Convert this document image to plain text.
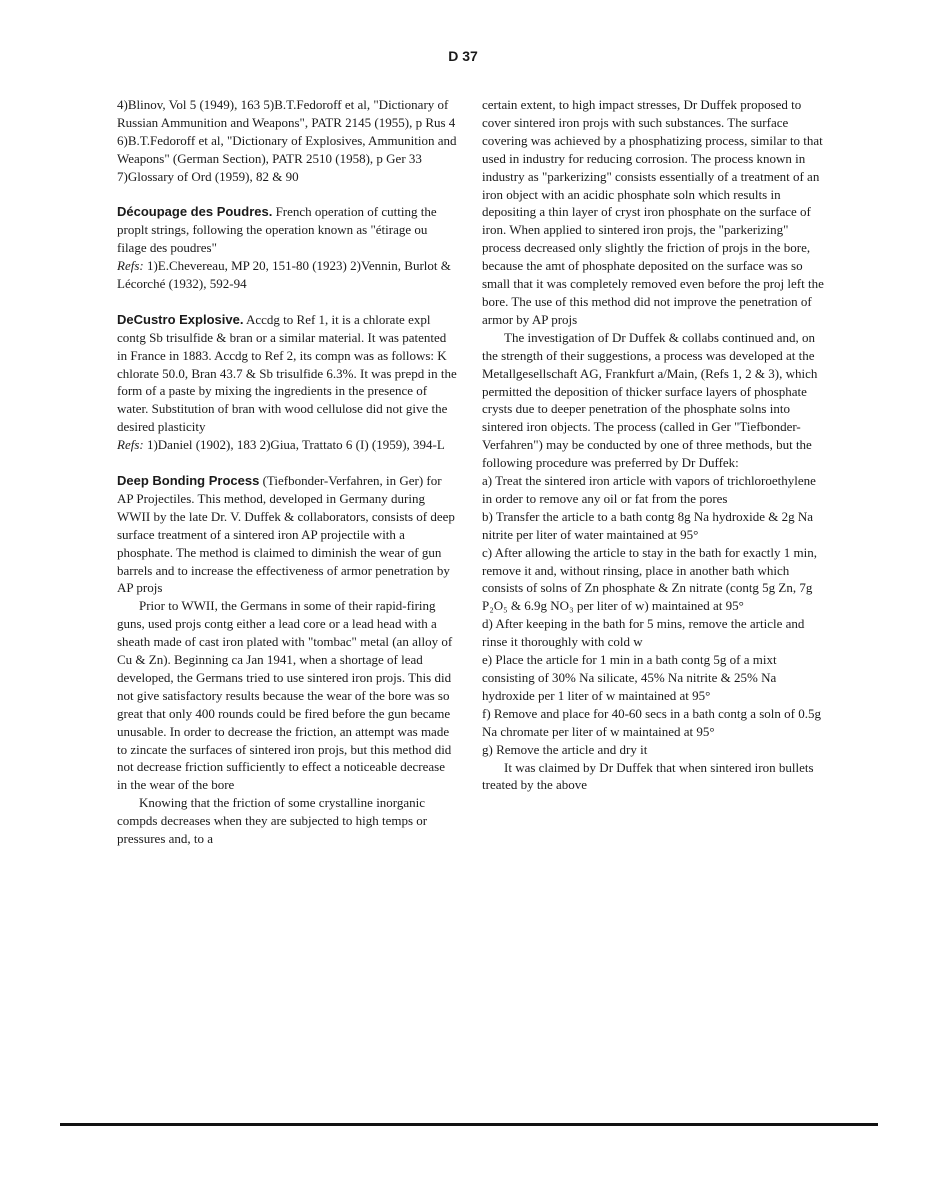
D 37

4)Blinov, Vol 5 (1949), 163 5)B.T.Fedoroff et al, "Dictionary of Russian Ammunition and Weapons", PATR 2145 (1955), p Rus 4 6)B.T.Fedoroff et al, "Dictionary of Explosives, Ammunition and Weapons" (German Section), PATR 2510 (1958), p Ger 33 7)Glossary of Ord (1959), 82 & 90

Découpage des Poudres. French operation of cutting the proplt strings, following the operation known as "étirage ou filage des poudres"

Refs: 1)E.Chevereau, MP 20, 151-80 (1923) 2)Vennin, Burlot & Lécorché (1932), 592-94

DeCustro Explosive. Accdg to Ref 1, it is a chlorate expl contg Sb trisulfide & bran or a similar material. It was patented in France in 1883. Accdg to Ref 2, its compn was as follows: K chlorate 50.0, Bran 43.7 & Sb trisulfide 6.3%. It was prepd in the form of a paste by mixing the ingredients in the presence of water. Substitution of bran with wood cellulose did not give the desired plasticity

Refs: 1)Daniel (1902), 183 2)Giua, Trattato 6 (I) (1959), 394-L

Deep Bonding Process (Tiefbonder-Verfahren, in Ger) for AP Projectiles. This method, developed in Germany during WWII by the late Dr. V. Duffek & collaborators, consists of deep surface treatment of a sintered iron AP projectile with a phosphate. The method is claimed to diminish the wear of gun barrels and to increase the effectiveness of armor penetration by AP projs

Prior to WWII, the Germans in some of their rapid-firing guns, used projs contg either a lead core or a lead head with a sheath made of cast iron plated with "tombac" metal (an alloy of Cu & Zn). Beginning ca Jan 1941, when a shortage of lead developed, the Germans tried to use sintered iron projs. This did not give satisfactory results because the wear of the bore was so great that only 400 rounds could be fired before the gun became unusable. In order to decrease the friction, an attempt was made to zincate the surfaces of sintered iron projs, but this method did not decrease friction sufficiently to effect a noticeable decrease in the wear of the bore

Knowing that the friction of some crystalline inorganic compds decreases when they are subjected to high temps or pressures and, to a

certain extent, to high impact stresses, Dr Duffek proposed to cover sintered iron projs with such substances. The surface covering was achieved by a phosphatizing process, similar to that used in industry for reducing corrosion. The process known in industry as "parkerizing" consists essentially of a treatment of an iron object with an acidic phosphate soln which results in depositing a thin layer of cryst iron phosphate on the surface of iron. When applied to sintered iron projs, the "parkerizing" process decreased only slightly the friction of projs in the bore, because the amt of phosphate deposited on the surface was so small that it was completely removed even before the proj left the bore. The use of this method did not improve the penetration of armor by AP projs

The investigation of Dr Duffek & collabs continued and, on the strength of their suggestions, a process was developed at the Metallgesellschaft AG, Frankfurt a/Main, (Refs 1, 2 & 3), which permitted the deposition of thicker surface layers of phosphate crysts due to deeper penetration of the phosphate solns into sintered iron objects. The process (called in Ger "Tiefbonder-Verfahren") may be conducted by one of three methods, but the following procedure was preferred by Dr Duffek:

a) Treat the sintered iron article with vapors of trichloroethylene in order to remove any oil or fat from the pores

b) Transfer the article to a bath contg 8g Na hydroxide & 2g Na nitrite per liter of water maintained at 95°

c) After allowing the article to stay in the bath for exactly 1 min, remove it and, without rinsing, place in another bath which consists of solns of Zn phosphate & Zn nitrate (contg 5g Zn, 7g P₂O₅ & 6.9g NO₃ per liter of w) maintained at 95°

d) After keeping in the bath for 5 mins, remove the article and rinse it thoroughly with cold w

e) Place the article for 1 min in a bath contg 5g of a mixt consisting of 30% Na silicate, 45% Na nitrite & 25% Na hydroxide per 1 liter of w maintained at 95°

f) Remove and place for 40-60 secs in a bath contg a soln of 0.5g Na chromate per liter of w maintained at 95°

g) Remove the article and dry it

It was claimed by Dr Duffek that when sintered iron bullets treated by the above
